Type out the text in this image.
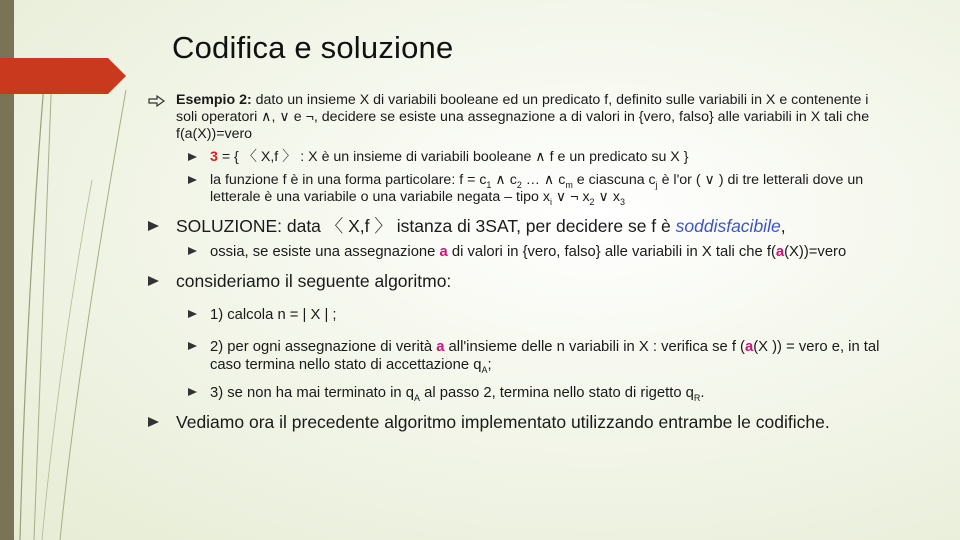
Codifica e soluzione
Esempio 2: dato un insieme X di variabili booleane ed un predicato f, definito sulle variabili in X e contenente i soli operatori ∧, ∨ e ¬, decidere se esiste una assegnazione a di valori in {vero, falso} alle variabili in X tali che f(a(X))=vero
3 = { 〈 X,f 〉 : X è un insieme di variabili booleane ∧ f e un predicato su X }
la funzione f è in una forma particolare: $f = c_1$ ∧ $c_2$ … ∧ $c_m$ e ciascuna $c_j$ è l'or ( ∨ ) di tre letterali dove un letterale è una variabile o una variabile negata – tipo $x_i$ ∨ ¬ $x_2$ ∨ $x_3$
SOLUZIONE: data 〈 X,f 〉 istanza di 3SAT, per decidere se f è soddisfacibile,
ossia, se esiste una assegnazione a di valori in {vero, falso} alle variabili in X tali che f(a(X))=vero
consideriamo il seguente algoritmo:
1) calcola n = | X | ;
2) per ogni assegnazione di verità a all'insieme delle n variabili in X : verifica se f (a(X )) = vero e, in tal caso termina nello stato di accettazione $q_A$;
3) se non ha mai terminato in $q_A$ al passo 2, termina nello stato di rigetto $q_R$.
Vediamo ora il precedente algoritmo implementato utilizzando entrambe le codifiche.
